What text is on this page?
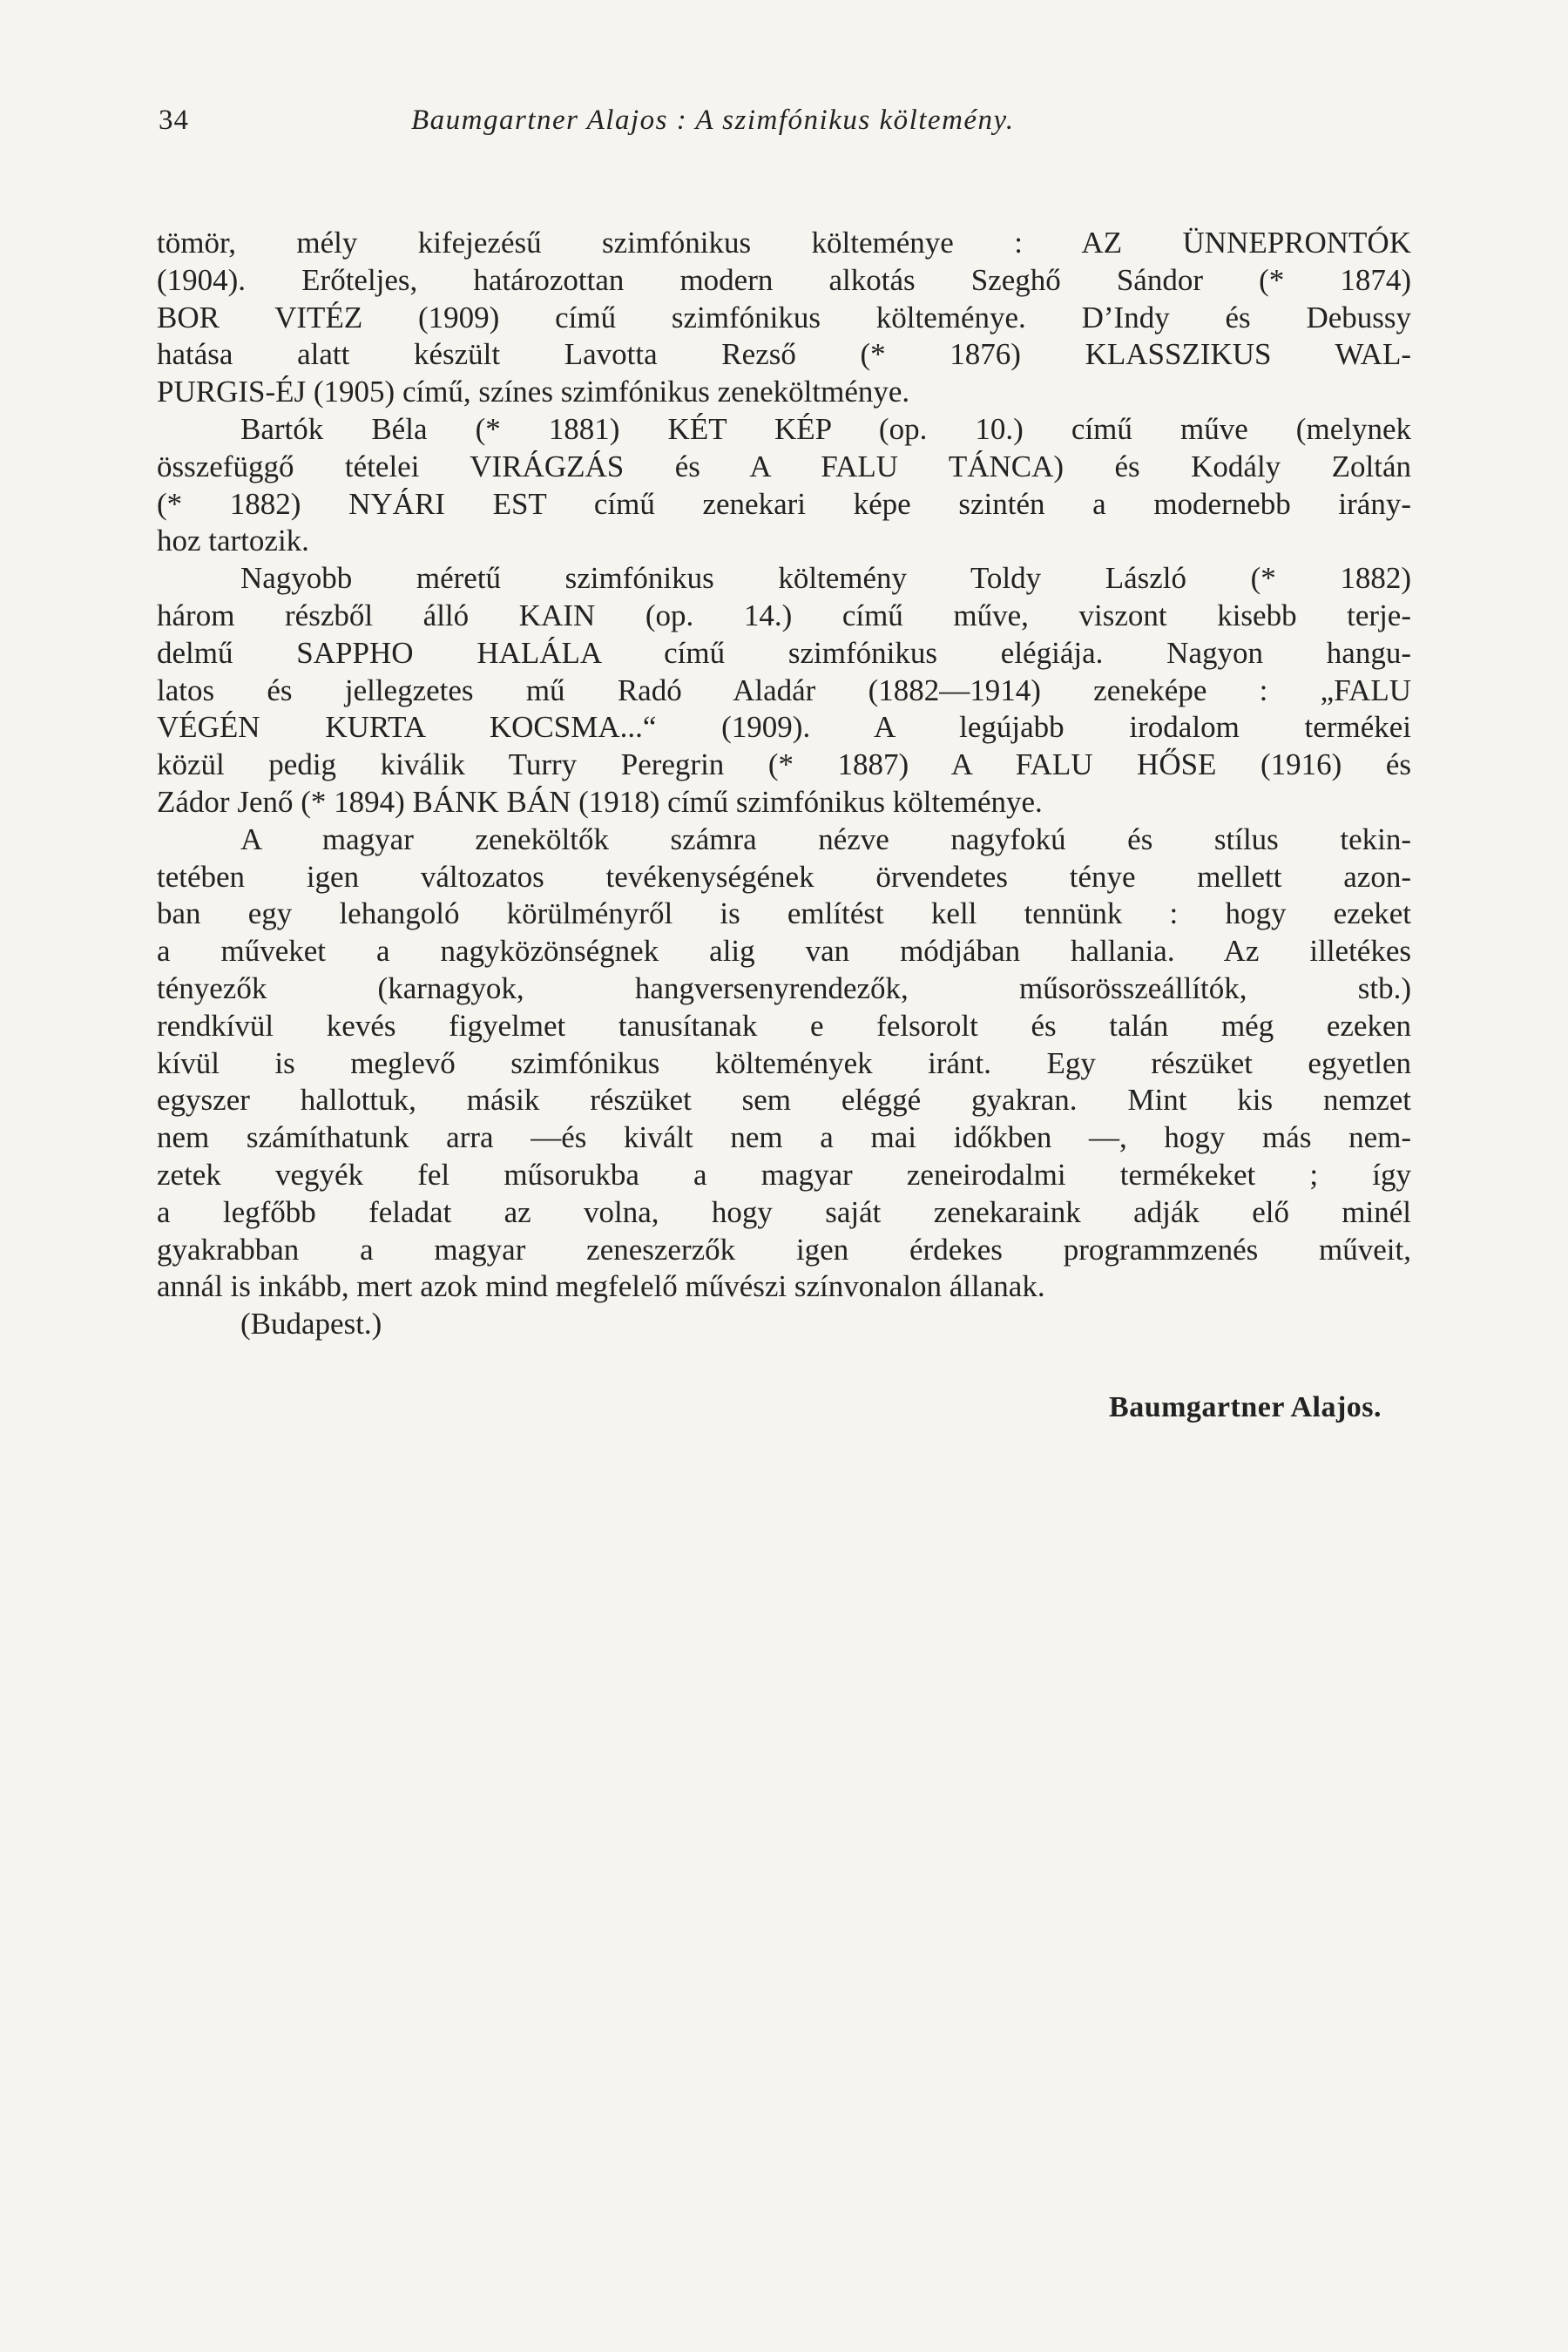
34	Baumgartner Alajos : A szimfónikus költemény.
tömör, mély kifejezésű szimfónikus költeménye : AZ ÜNNEPRONTÓK
(1904). Erőteljes, határozottan modern alkotás Szeghő Sándor (* 1874)
BOR VITÉZ (1909) című szimfónikus költeménye. D’Indy és Debussy
hatása alatt készült Lavotta Rezső (* 1876) KLASSZIKUS WAL-
PURGIS-ÉJ (1905) című, színes szimfónikus zeneköltménye.
Bartók Béla (* 1881) KÉT KÉP (op. 10.) című műve (melynek
összefüggő tételei VIRÁGZÁS és A FALU TÁNCA) és Kodály Zoltán
(* 1882) NYÁRI EST című zenekari képe szintén a modernebb irány-
hoz tartozik.
Nagyobb méretű szimfónikus költemény Toldy László (* 1882)
három részből álló KAIN (op. 14.) című műve, viszont kisebb terje-
delmű SAPPHO HALÁLA című szimfónikus elégiája. Nagyon hangu-
latos és jellegzetes mű Radó Aladár (1882—1914) zeneképe : „FALU
VÉGÉN KURTA KOCSMA...“ (1909). A legújabb irodalom termékei
közül pedig kiválik Turry Peregrin (* 1887) A FALU HŐSE (1916) és
Zádor Jenő (* 1894) BÁNK BÁN (1918) című szimfónikus költeménye.
A magyar zeneköltők számra nézve nagyfokú és stílus tekin-
tetében igen változatos tevékenységének örvendetes ténye mellett azon-
ban egy lehangoló körülményről is említést kell tennünk : hogy ezeket
a műveket a nagyközönségnek alig van módjában hallania. Az illetékes
tényezők (karnagyok, hangversenyrendezők, műsorösszeállítók, stb.)
rendkívül kevés figyelmet tanusítanak e felsorolt és talán még ezeken
kívül is meglevő szimfónikus költemények iránt. Egy részüket egyetlen
egyszer hallottuk, másik részüket sem eléggé gyakran. Mint kis nemzet
nem számíthatunk arra —és kivált nem a mai időkben —, hogy más nem-
zetek vegyék fel műsorukba a magyar zeneirodalmi termékeket ; így
a legfőbb feladat az volna, hogy saját zenekaraink adják elő minél
gyakrabban a magyar zeneszerzők igen érdekes programmzenés műveit,
annál is inkább, mert azok mind megfelelő művészi színvonalon állanak.
(Budapest.)
Baumgartner Alajos.
